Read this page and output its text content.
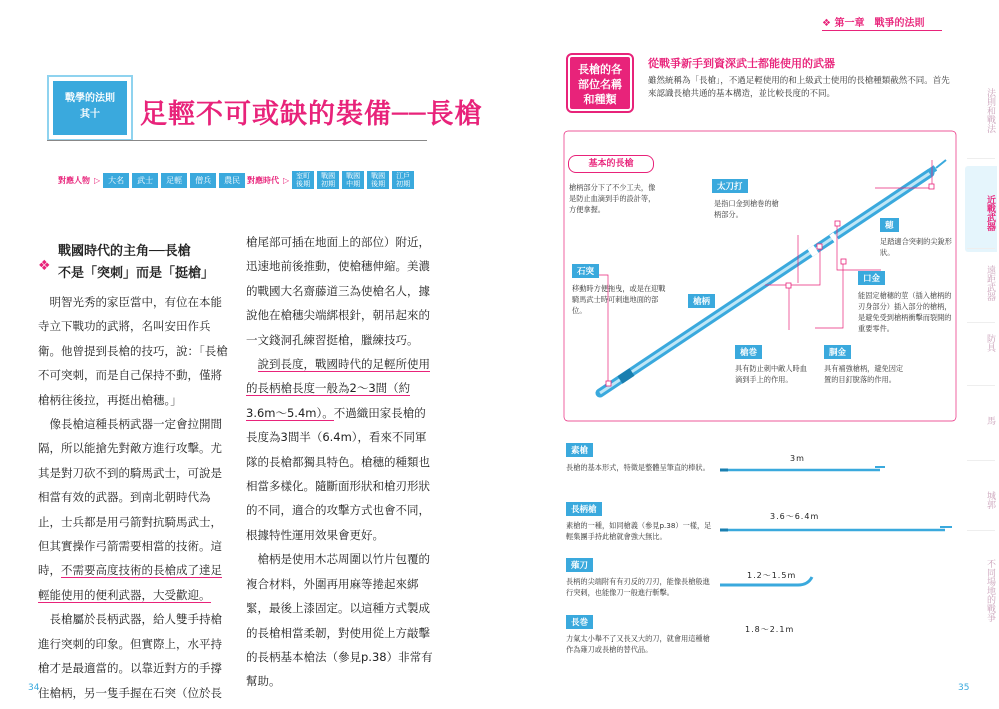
戰學的法則
其十	足輕不可或缺的裝備──長槍
對應人物 ▷	大名	武士	足輕	僧兵	農民 對應時代 ▷	室町
後期
戰國
初期
戰國
中期
戰國
後期
江戶
初期
❖
戰國時代的主角──長槍
不是「突刺」而是「挺槍」

明智光秀的家臣當中，有位在本能寺立下戰功的武將，名叫安田作兵衛。他曾提到長槍的技巧，說：「長槍不可突刺，而是自己保持不動，僅將槍柄往後拉，再挺出槍穗。」

像長槍這種長柄武器一定會拉開間隔，所以能搶先對敵方進行攻擊。尤其是對刀砍不到的騎馬武士，可說是相當有效的武器。到南北朝時代為止，士兵都是用弓箭對抗騎馬武士，但其實操作弓箭需要相當的技術。這時，不需要高度技術的長槍成了達足輕能使用的便利武器，大受歡迎。

長槍屬於長柄武器，給人雙手持槍進行突刺的印象。但實際上，水平持槍才是最適當的。以靠近對方的手撐住槍柄，另一隻手握在石突（位於長

槍尾部可插在地面上的部位）附近，迅速地前後推動，使槍穗伸縮。美濃的戰國大名齋藤道三為使槍名人，據說他在槍穗尖端綁根針，朝吊起來的一文錢洞孔練習挺槍，臘練技巧。

說到長度，戰國時代的足輕所使用的長柄槍長度一般為2〜3間（約3.6m〜5.4m）。不過織田家長槍的長度為3間半（6.4m），看來不同軍隊的長槍都獨具特色。槍穗的種類也相當多樣化。隨斷面形狀和槍刃形狀的不同，適合的攻擊方式也會不同，根據特性運用效果會更好。

槍柄是使用木芯周圍以竹片包覆的複合材料，外圍再用麻等捲起來綁緊，最後上漆固定。以這種方式製成的長槍相當柔韌，對使用從上方敲擊的長柄基本槍法（參見p.38）非常有幫助。

34
❖ 第一章　戰爭的法則
長槍的各
部位名稱
和種類
從戰爭新手到資深武士都能使用的武器
雖然統稱為「長槍」，不過足輕使用的和上級武士使用的長槍種類截然不同。首先來認識長槍共通的基本構造，並比較長度的不同。
基本的長槍
槍柄部分下了不少工夫，像是防止血滴到手的設計等，方便拿握。
太刀打
是指口金到槍巻的槍柄部分。
穂
足踏適合突刺的尖銳形狀。
石突
移動時方便拖曳，或是在迎戰騎馬武士時可刺進地面的部位。
口金
能固定槍穗的莖（插入槍柄的刃身部分）插入部分的槍柄，是避免受到槍柄衝擊而裂開的重要零件。
槍柄
槍巻
具有防止刺中敵人時血滴到手上的作用。
胴金
具有補強槍柄，避免因定置的目釘脫落的作用。
素槍
長槍的基本形式，特徵是整體呈筆直的棒狀。
3m
長柄槍
素槍的一種，如同槍義（參見p.38）一樣，足輕集團手持此槍就會強大無比。
3.6〜6.4m
薙刀
長柄的尖端附有有刃反的刀刃，能像長槍般進行突刺，也能像刀一般進行斬擊。
1.2〜1.5m
長巻
力氣太小舉不了又長又大的刀，就會用這種槍作為薙刀或長槍的替代品。
1.8〜2.1m
法則和戰法
近戰武器
遠距武器
防具
馬
城郭
不同場地的戰爭
35
